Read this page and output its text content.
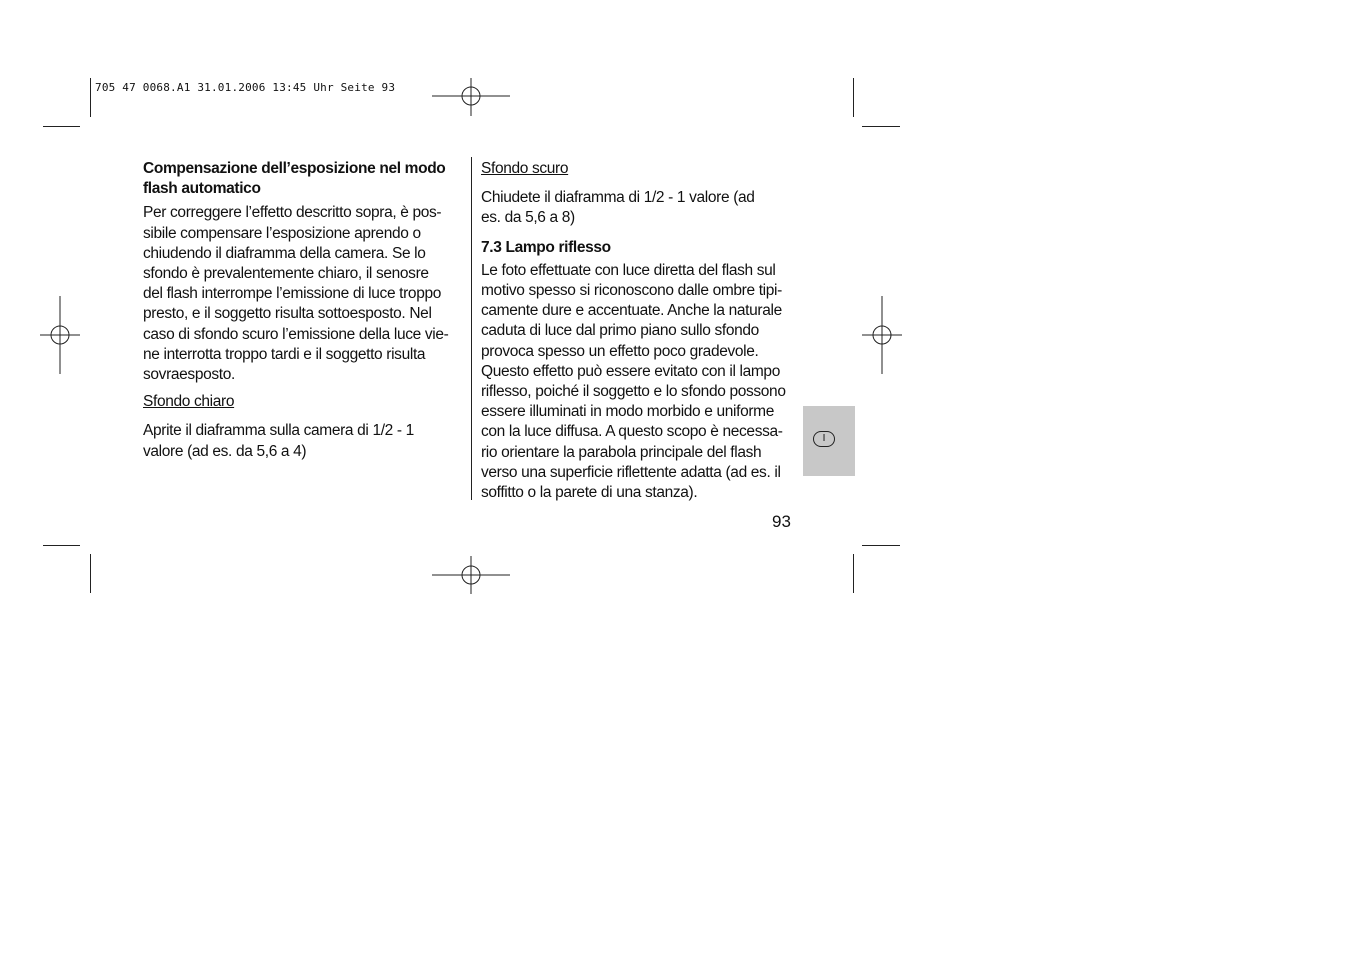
705 47 0068.A1 31.01.2006 13:45 Uhr Seite 93

Compensazione dell’esposizione nel modo

flash automatico

Per correggere l’effetto descritto sopra, è pos-

sibile compensare l’esposizione aprendo o

chiudendo il diaframma della camera. Se lo

sfondo è prevalentemente chiaro, il senosre

del flash interrompe l’emissione di luce troppo

presto, e il soggetto risulta sottoesposto. Nel

caso di sfondo scuro l’emissione della luce vie-

ne interrotta troppo tardi e il soggetto risulta

sovraesposto.

Sfondo chiaro

Aprite il diaframma sulla camera di 1/2 - 1

valore (ad es. da 5,6 a 4)

Sfondo scuro

Chiudete il diaframma di 1/2 - 1 valore (ad

es. da 5,6 a 8)

7.3 Lampo riflesso

Le foto effettuate con luce diretta del flash sul

motivo spesso si riconoscono dalle ombre tipi-

camente dure e accentuate. Anche la naturale

caduta di luce dal primo piano sullo sfondo

provoca spesso un effetto poco gradevole.

Questo effetto può essere evitato con il lampo

riflesso, poiché il soggetto e lo sfondo possono

essere illuminati in modo morbido e uniforme

con la luce diffusa. A questo scopo è necessa-

rio orientare la parabola principale del flash

verso una superficie riflettente adatta (ad es. il

soffitto o la parete di una stanza).

I
93
